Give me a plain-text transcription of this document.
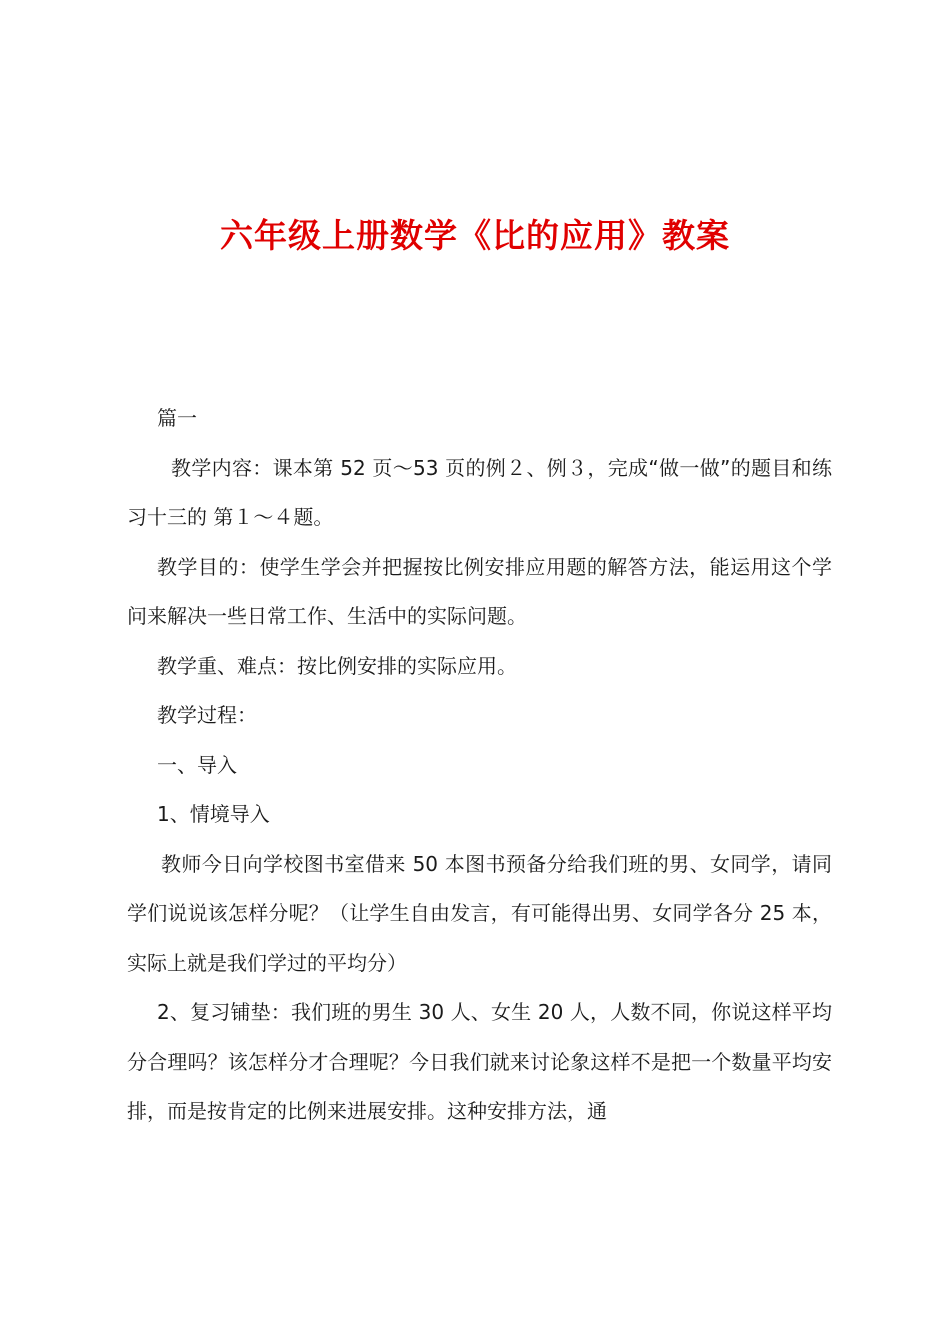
六年级上册数学《比的应用》教案

篇一

教学内容：课本第 52 页～53 页的例２、例３，完成“做一做”的题目和练习十三的 第１～４题。

教学目的：使学生学会并把握按比例安排应用题的解答方法，能运用这个学问来解决一些日常工作、生活中的实际问题。

教学重、难点：按比例安排的实际应用。

教学过程：

一、导入

1、情境导入

教师今日向学校图书室借来 50 本图书预备分给我们班的男、女同学，请同学们说说该怎样分呢？（让学生自由发言，有可能得出男、女同学各分 25 本，实际上就是我们学过的平均分）

2、复习铺垫：我们班的男生 30 人、女生 20 人，人数不同，你说这样平均分合理吗？该怎样分才合理呢？今日我们就来讨论象这样不是把一个数量平均安排，而是按肯定的比例来进展安排。这种安排方法，通
